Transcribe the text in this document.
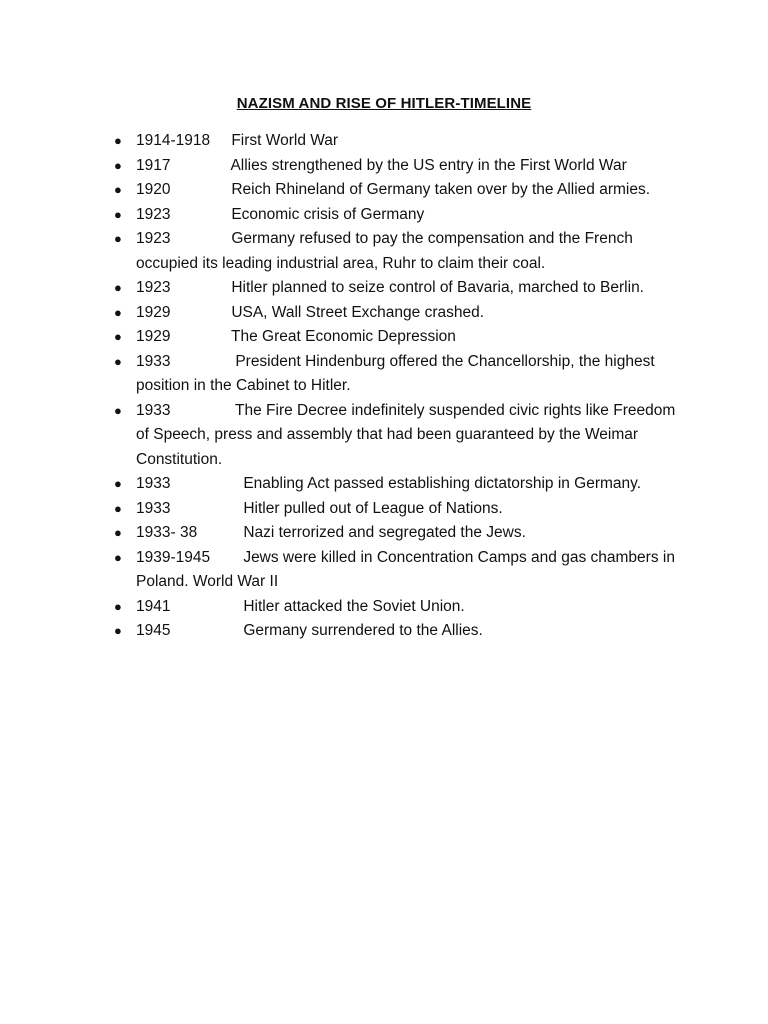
NAZISM AND RISE OF HITLER-TIMELINE
● 1914-1918 First World War
● 1917	Allies strengthened by the US entry in the First World War
● 1920	Reich Rhineland of Germany taken over by the Allied armies.
● 1923	Economic crisis of Germany
● 1923	Germany refused to pay the compensation and the French occupied its leading industrial area, Ruhr to claim their coal.
● 1923	Hitler planned to seize control of Bavaria, marched to Berlin.
● 1929	USA, Wall Street Exchange crashed.
● 1929	The Great Economic Depression
● 1933	President Hindenburg offered the Chancellorship, the highest position in the Cabinet to Hitler.
● 1933	The Fire Decree indefinitely suspended civic rights like Freedom of Speech, press and assembly that had been guaranteed by the Weimar Constitution.
● 1933	Enabling Act passed establishing dictatorship in Germany.
● 1933	Hitler pulled out of League of Nations.
● 1933- 38	Nazi terrorized and segregated the Jews.
● 1939-1945 Jews were killed in Concentration Camps and gas chambers in Poland. World War II
● 1941	Hitler attacked the Soviet Union.
● 1945	Germany surrendered to the Allies.
